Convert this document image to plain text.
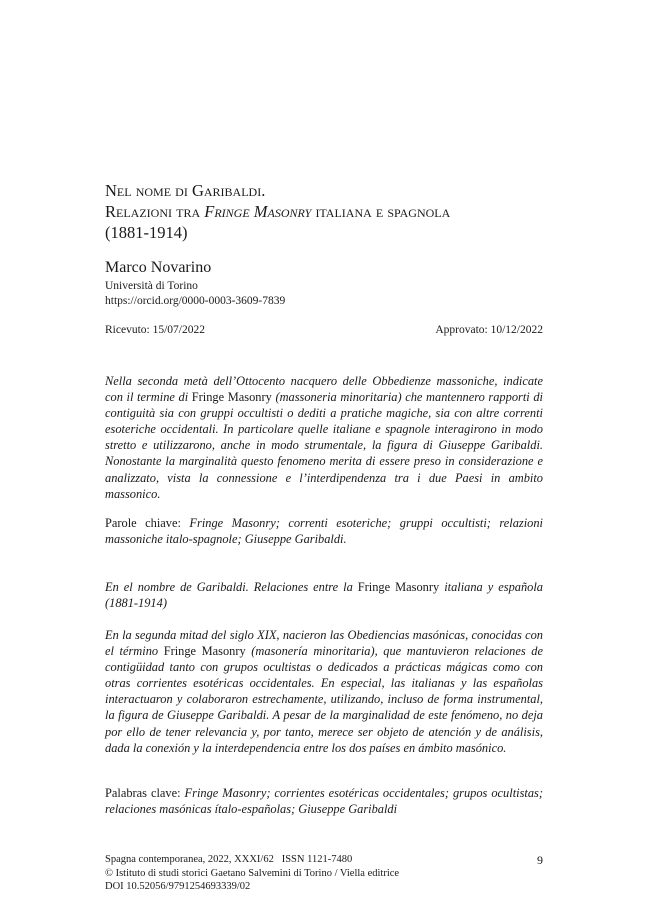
Nel nome di Garibaldi.
Relazioni tra Fringe Masonry italiana e spagnola
(1881-1914)
Marco Novarino
Università di Torino
https://orcid.org/0000-0003-3609-7839
Ricevuto: 15/07/2022	Approvato: 10/12/2022
Nella seconda metà dell’Ottocento nacquero delle Obbedienze massoniche, indicate con il termine di Fringe Masonry (massoneria minoritaria) che mantennero rapporti di contiguità sia con gruppi occultisti o dediti a pratiche magiche, sia con altre correnti esoteriche occidentali. In particolare quelle italiane e spagnole interagirono in modo stretto e utilizzarono, anche in modo strumentale, la figura di Giuseppe Garibaldi. Nonostante la marginalità questo fenomeno merita di essere preso in considerazione e analizzato, vista la connessione e l’interdipendenza tra i due Paesi in ambito massonico.
Parole chiave: Fringe Masonry; correnti esoteriche; gruppi occultisti; relazioni massoniche italo-spagnole; Giuseppe Garibaldi.
En el nombre de Garibaldi. Relaciones entre la Fringe Masonry italiana y española (1881-1914)
En la segunda mitad del siglo XIX, nacieron las Obediencias masónicas, conocidas con el término Fringe Masonry (masonería minoritaria), que mantuvieron relaciones de contigüidad tanto con grupos ocultistas o dedicados a prácticas mágicas como con otras corrientes esotéricas occidentales. En especial, las italianas y las españolas interactuaron y colaboraron estrechamente, utilizando, incluso de forma instrumental, la figura de Giuseppe Garibaldi. A pesar de la marginalidad de este fenómeno, no deja por ello de tener relevancia y, por tanto, merece ser objeto de atención y de análisis, dada la conexión y la interdependencia entre los dos países en ámbito masónico.
Palabras clave: Fringe Masonry; corrientes esotéricas occidentales; grupos ocultistas; relaciones masónicas ítalo-españolas; Giuseppe Garibaldi
Spagna contemporanea, 2022, XXXI/62   ISSN 1121-7480
© Istituto di studi storici Gaetano Salvemini di Torino / Viella editrice
DOI 10.52056/9791254693339/02
9
